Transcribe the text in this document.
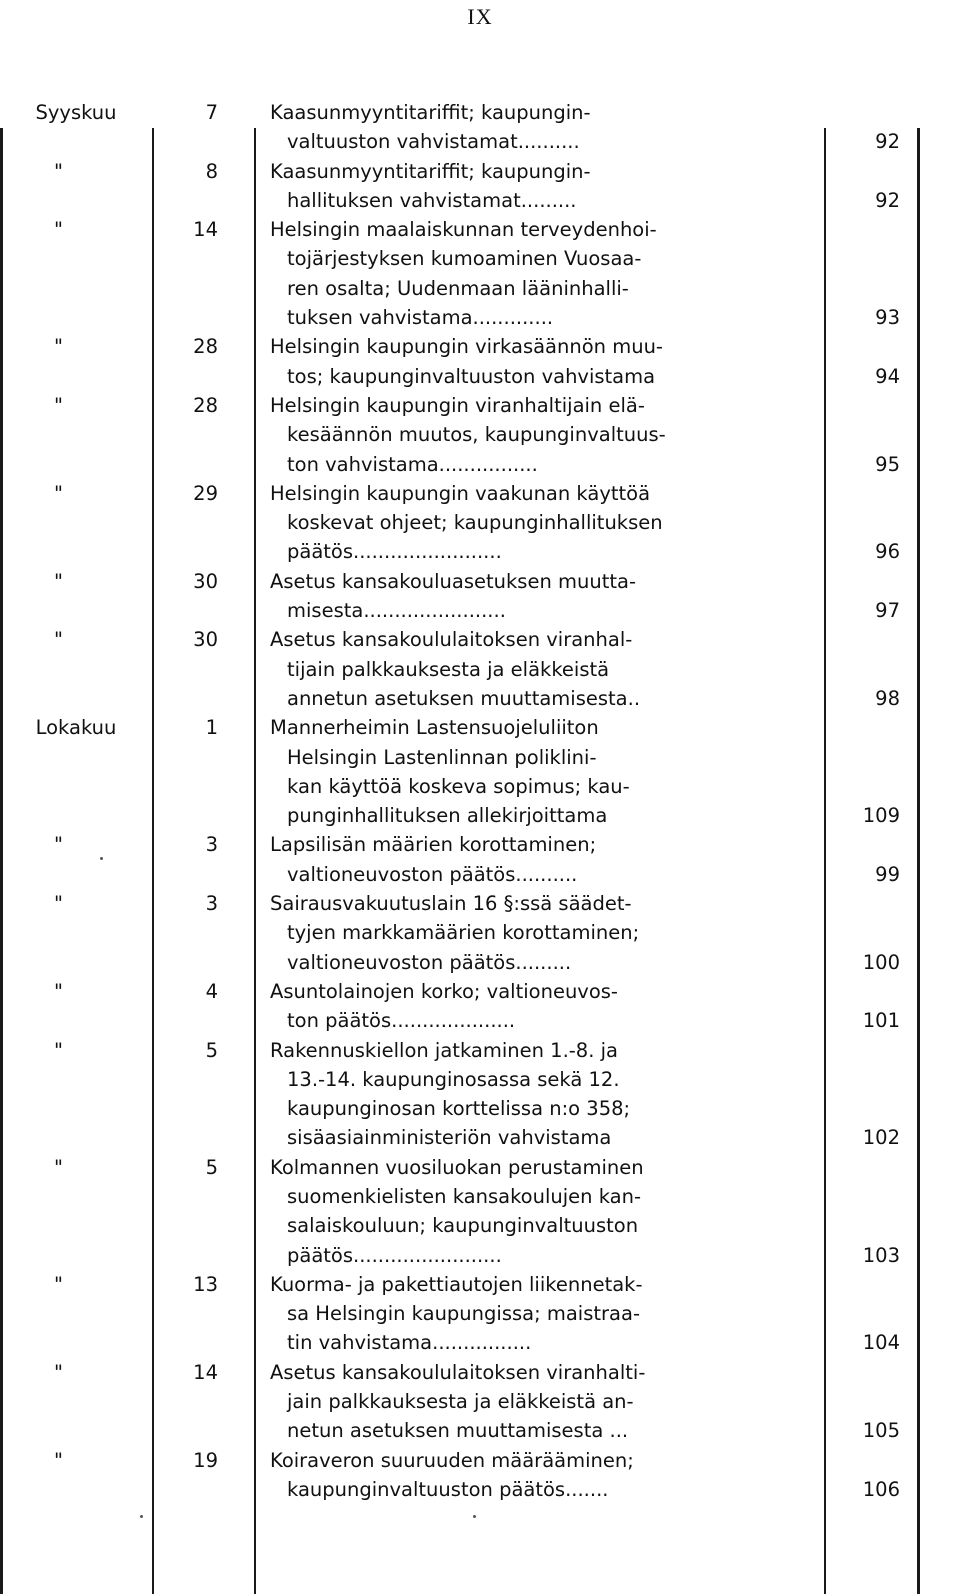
IX
Syyskuu	7	Kaasunmyyntitariffit; kaupungin-
valtuuston vahvistamat..........	92
"	8	Kaasunmyyntitariffit; kaupungin-
hallituksen vahvistamat.........	92
"	14	Helsingin maalaiskunnan terveydenhoi-
tojärjestyksen kumoaminen Vuosaa-
ren osalta; Uudenmaan lääninhalli-
tuksen vahvistama.............	93
"	28	Helsingin kaupungin virkasäännön muu-
tos; kaupunginvaltuuston vahvistama	94
"	28	Helsingin kaupungin viranhaltijain elä-
kesäännön muutos, kaupunginvaltuus-
ton vahvistama................	95
"	29	Helsingin kaupungin vaakunan käyttöä
koskevat ohjeet; kaupunginhallituksen
päätös........................	96
"	30	Asetus kansakouluasetuksen muutta-
misesta.......................	97
"	30	Asetus kansakoululaitoksen viranhal-
tijain palkkauksesta ja eläkkeistä
annetun asetuksen muuttamisesta..	98
Lokakuu	1	Mannerheimin Lastensuojeluliiton
Helsingin Lastenlinnan poliklini-
kan käyttöä koskeva sopimus; kau-
punginhallituksen allekirjoittama	109
"	3	Lapsilisän määrien korottaminen;
valtioneuvoston päätös..........	99
"	3	Sairausvakuutuslain 16 §:ssä säädet-
tyjen markkamäärien korottaminen;
valtioneuvoston päätös.........	100
"	4	Asuntolainojen korko; valtioneuvos-
ton päätös....................	101
"	5	Rakennuskiellon jatkaminen 1.-8. ja
13.-14. kaupunginosassa sekä 12.
kaupunginosan korttelissa n:o 358;
sisäasiainministeriön vahvistama	102
"	5	Kolmannen vuosiluokan perustaminen
suomenkielisten kansakoulujen kan-
salaiskouluun; kaupunginvaltuuston
päätös........................	103
"	13	Kuorma- ja pakettiautojen liikennetak-
sa Helsingin kaupungissa; maistraa-
tin vahvistama................	104
"	14	Asetus kansakoululaitoksen viranhalti-
jain palkkauksesta ja eläkkeistä an-
netun asetuksen muuttamisesta ...	105
"	19	Koiraveron suuruuden määrääminen;
kaupunginvaltuuston päätös.......	106
